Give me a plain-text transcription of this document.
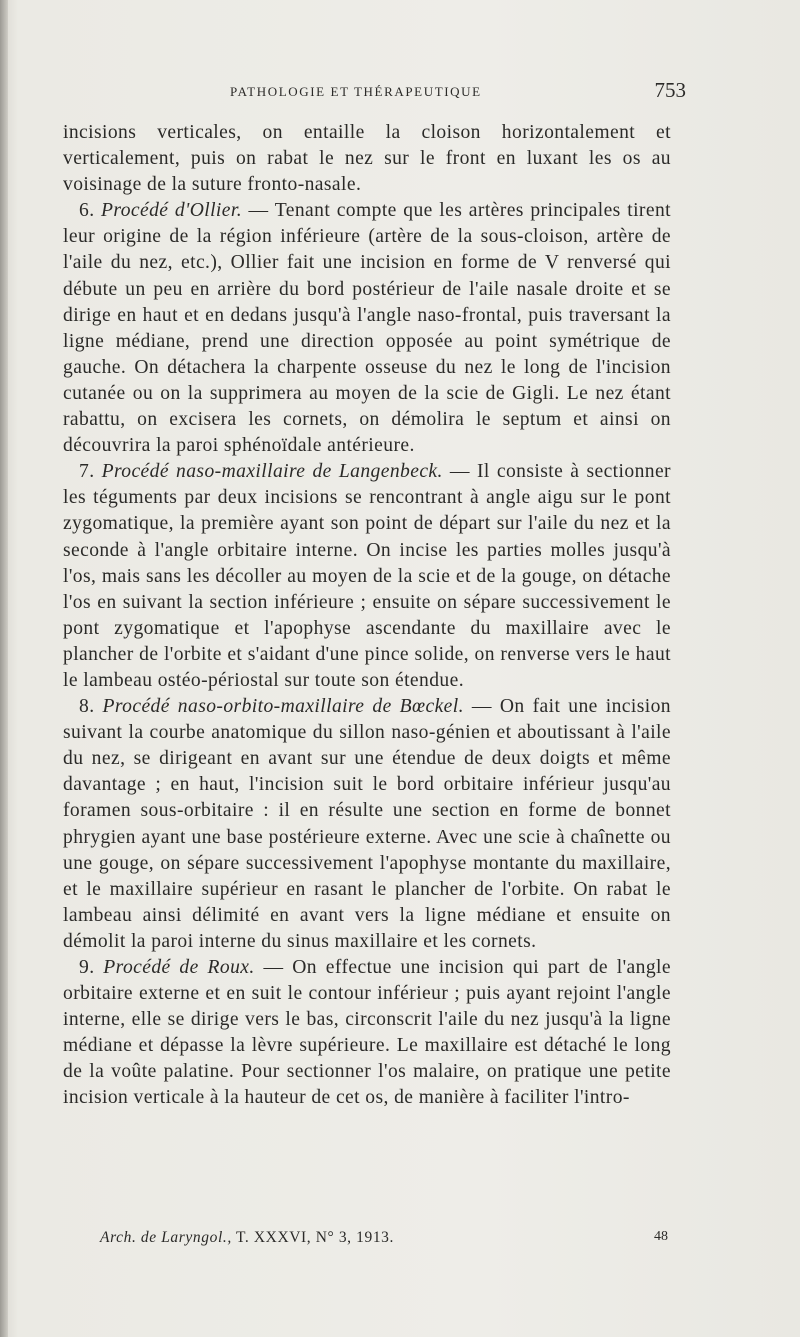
PATHOLOGIE ET THÉRAPEUTIQUE	753

incisions verticales, on entaille la cloison horizontalement et verticalement, puis on rabat le nez sur le front en luxant les os au voisinage de la suture fronto-nasale.

6. Procédé d'Ollier. — Tenant compte que les artères principales tirent leur origine de la région inférieure (artère de la sous-cloison, artère de l'aile du nez, etc.), Ollier fait une incision en forme de V renversé qui débute un peu en arrière du bord postérieur de l'aile nasale droite et se dirige en haut et en dedans jusqu'à l'angle naso-frontal, puis traversant la ligne médiane, prend une direction opposée au point symétrique de gauche. On détachera la charpente osseuse du nez le long de l'incision cutanée ou on la supprimera au moyen de la scie de Gigli. Le nez étant rabattu, on excisera les cornets, on démolira le septum et ainsi on découvrira la paroi sphénoïdale antérieure.

7. Procédé naso-maxillaire de Langenbeck. — Il consiste à sectionner les téguments par deux incisions se rencontrant à angle aigu sur le pont zygomatique, la première ayant son point de départ sur l'aile du nez et la seconde à l'angle orbitaire interne. On incise les parties molles jusqu'à l'os, mais sans les décoller au moyen de la scie et de la gouge, on détache l'os en suivant la section inférieure ; ensuite on sépare successivement le pont zygomatique et l'apophyse ascendante du maxillaire avec le plancher de l'orbite et s'aidant d'une pince solide, on renverse vers le haut le lambeau ostéo-périostal sur toute son étendue.

8. Procédé naso-orbito-maxillaire de Bœckel. — On fait une incision suivant la courbe anatomique du sillon naso-génien et aboutissant à l'aile du nez, se dirigeant en avant sur une étendue de deux doigts et même davantage ; en haut, l'incision suit le bord orbitaire inférieur jusqu'au foramen sous-orbitaire : il en résulte une section en forme de bonnet phrygien ayant une base postérieure externe. Avec une scie à chaînette ou une gouge, on sépare successivement l'apophyse montante du maxillaire, et le maxillaire supérieur en rasant le plancher de l'orbite. On rabat le lambeau ainsi délimité en avant vers la ligne médiane et ensuite on démolit la paroi interne du sinus maxillaire et les cornets.

9. Procédé de Roux. — On effectue une incision qui part de l'angle orbitaire externe et en suit le contour inférieur ; puis ayant rejoint l'angle interne, elle se dirige vers le bas, circonscrit l'aile du nez jusqu'à la ligne médiane et dépasse la lèvre supérieure. Le maxillaire est détaché le long de la voûte palatine. Pour sectionner l'os malaire, on pratique une petite incision verticale à la hauteur de cet os, de manière à faciliter l'intro-

Arch. de Laryngol., T. XXXVI, N° 3, 1913.	48
